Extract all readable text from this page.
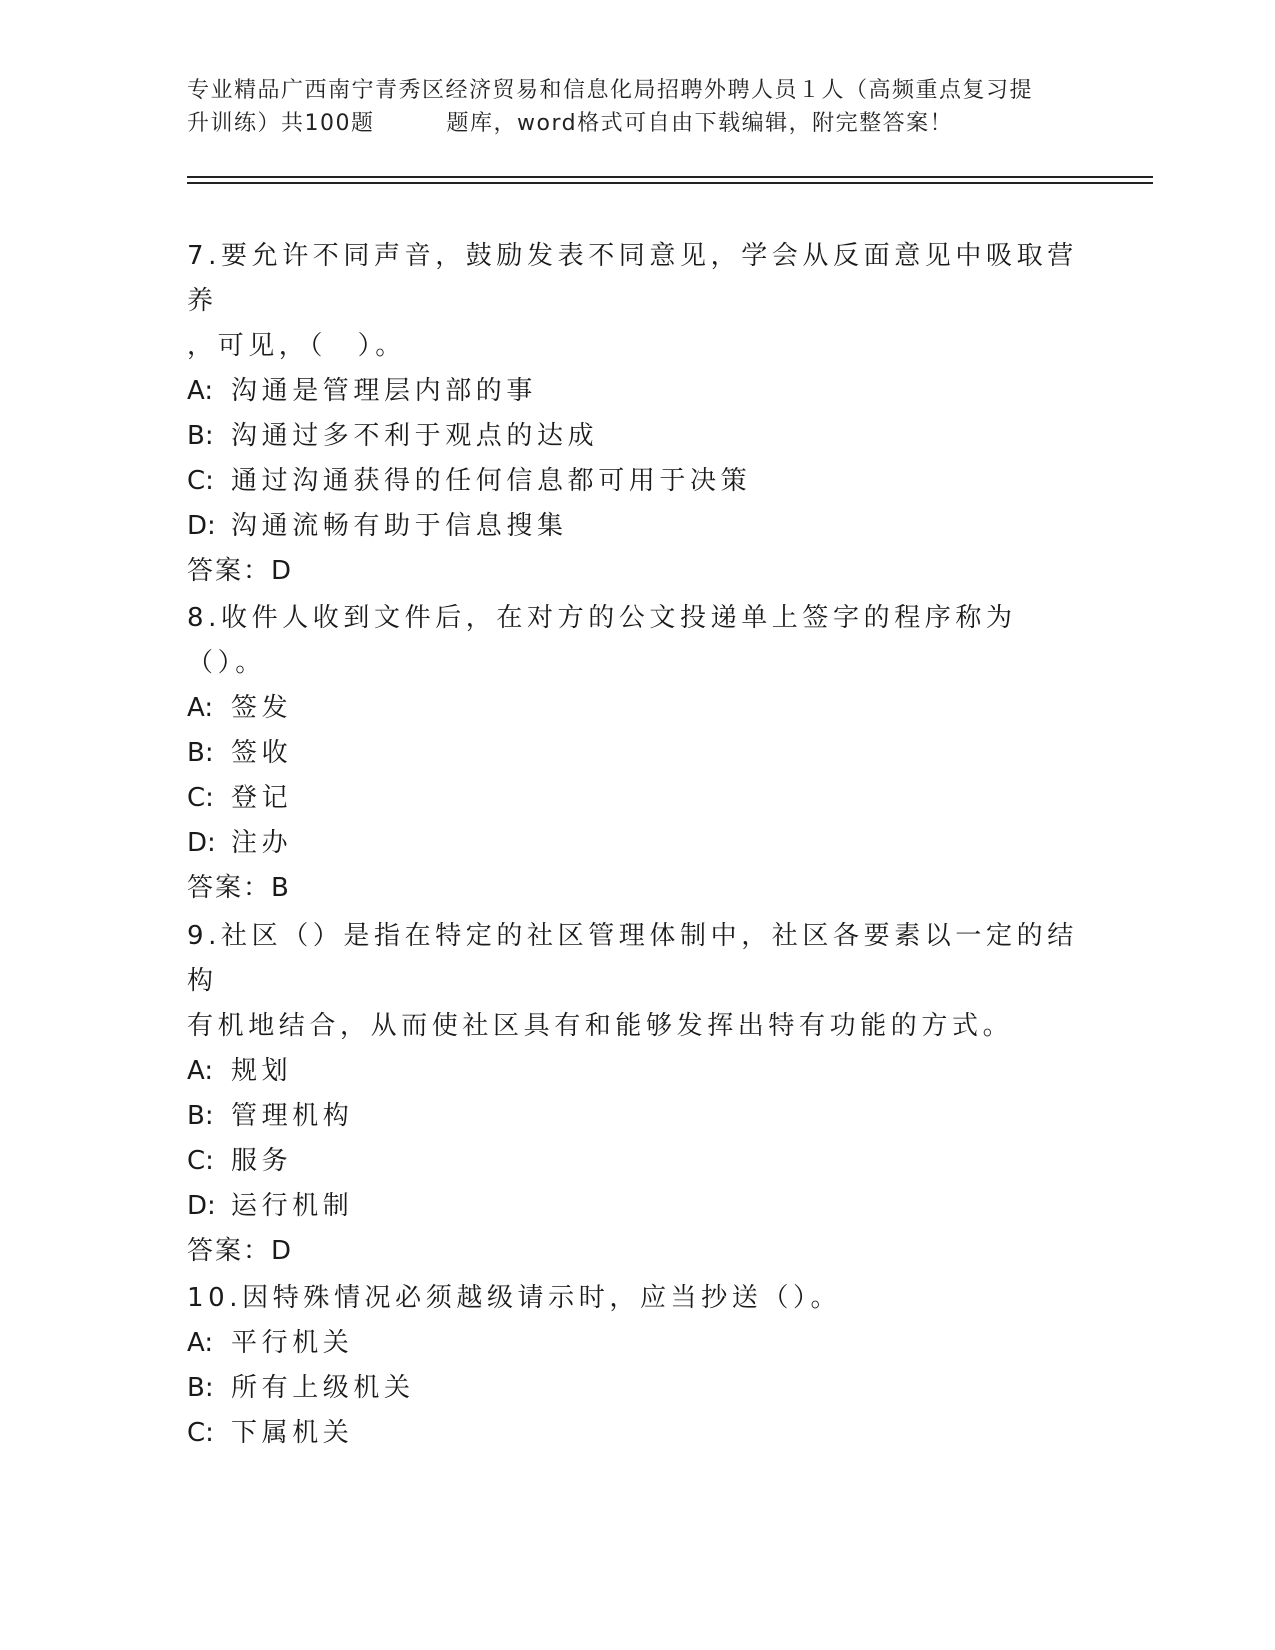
专业精品广西南宁青秀区经济贸易和信息化局招聘外聘人员１人（高频重点复习提
升训练）共100题	题库，word格式可自由下载编辑，附完整答案！

7.要允许不同声音，鼓励发表不同意见，学会从反面意见中吸取营养

，可见，（　）。

A: 沟通是管理层内部的事

B: 沟通过多不利于观点的达成

C: 通过沟通获得的任何信息都可用于决策

D: 沟通流畅有助于信息搜集

答案：D

8.收件人收到文件后，在对方的公文投递单上签字的程序称为（）。

A: 签发

B: 签收

C: 登记

D: 注办

答案：B

9.社区（）是指在特定的社区管理体制中，社区各要素以一定的结构

有机地结合，从而使社区具有和能够发挥出特有功能的方式。

A: 规划

B: 管理机构

C: 服务

D: 运行机制

答案：D

10.因特殊情况必须越级请示时，应当抄送（）。

A: 平行机关

B: 所有上级机关

C: 下属机关
